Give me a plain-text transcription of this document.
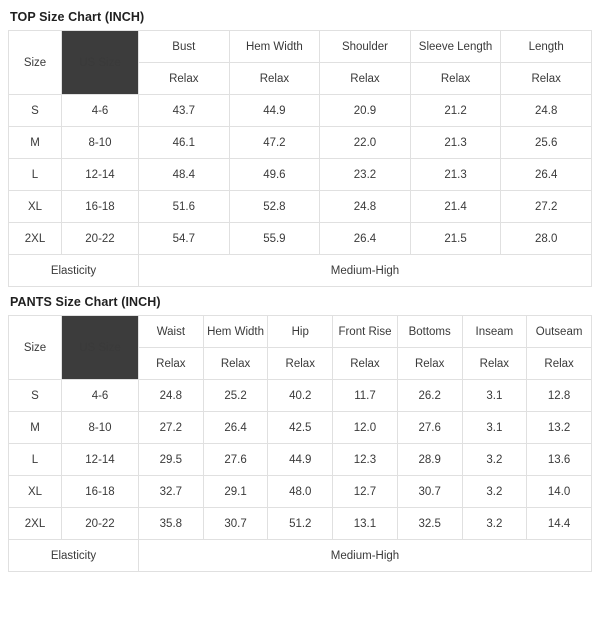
TOP Size Chart (INCH)
Size	US Size	Bust	Hem Width	Shoulder	Sleeve Length	Length
		Relax	Relax	Relax	Relax	Relax
S	4-6	43.7	44.9	20.9	21.2	24.8
M	8-10	46.1	47.2	22.0	21.3	25.6
L	12-14	48.4	49.6	23.2	21.3	26.4
XL	16-18	51.6	52.8	24.8	21.4	27.2
2XL	20-22	54.7	55.9	26.4	21.5	28.0
Elasticity		Medium-High				
PANTS Size Chart (INCH)
Size	US Size	Waist	Hem Width	Hip	Front Rise	Bottoms	Inseam	Outseam
		Relax	Relax	Relax	Relax	Relax	Relax	Relax
S	4-6	24.8	25.2	40.2	11.7	26.2	3.1	12.8
M	8-10	27.2	26.4	42.5	12.0	27.6	3.1	13.2
L	12-14	29.5	27.6	44.9	12.3	28.9	3.2	13.6
XL	16-18	32.7	29.1	48.0	12.7	30.7	3.2	14.0
2XL	20-22	35.8	30.7	51.2	13.1	32.5	3.2	14.4
Elasticity		Medium-High						
